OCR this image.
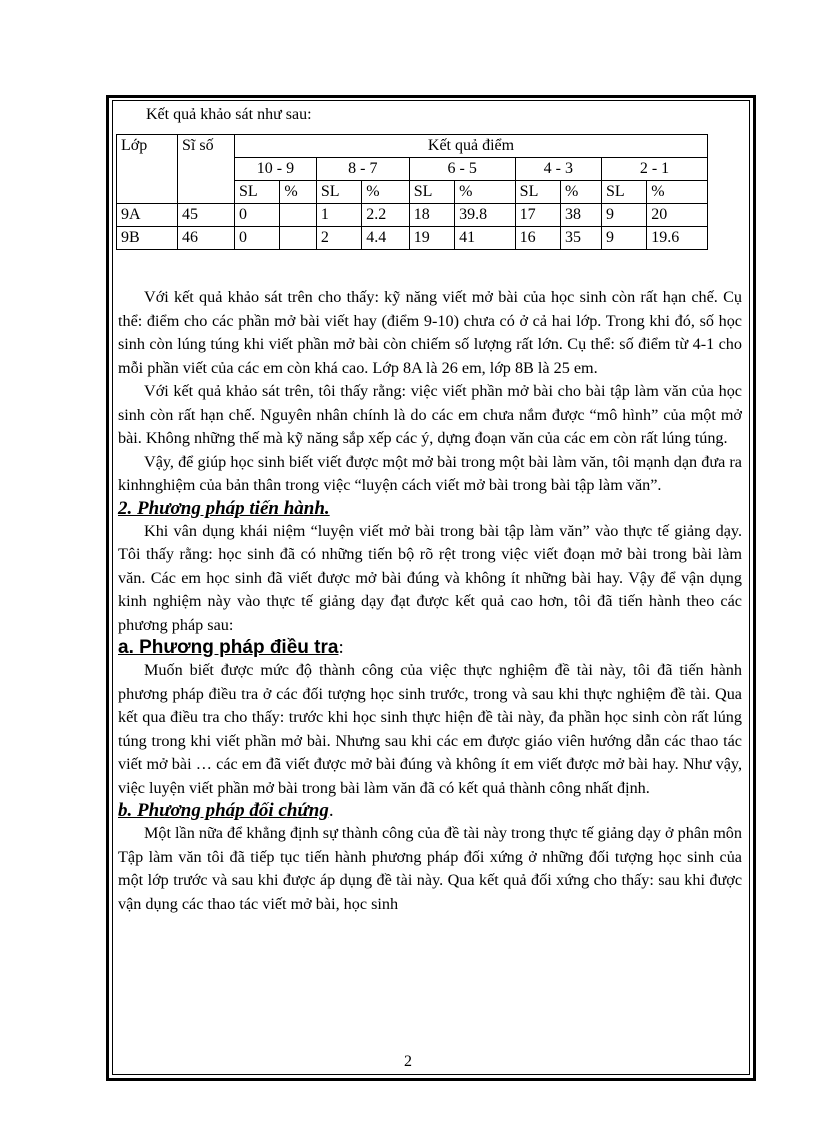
Kết quả khảo sát như sau:

Lớp	Sĩ số	Kết quả điểm									
		10 - 9		8 - 7		6 - 5		4 - 3		2 - 1	
		SL	%	SL	%	SL	%	SL	%	SL	%
9A	45	0		1	2.2	18	39.8	17	38	9	20
9B	46	0		2	4.4	19	41	16	35	9	19.6

Với kết quả khảo sát trên cho thấy: kỹ năng viết mở bài của học sinh còn rất hạn chế. Cụ thể: điểm cho các phần mở bài viết hay (điểm 9-10) chưa có ở cả hai lớp. Trong khi đó, số học sinh còn lúng túng khi viết phần mở bài còn chiếm số lượng rất lớn. Cụ thể: số điểm từ 4-1 cho mỗi phần viết của các em còn khá cao. Lớp 8A là 26 em, lớp 8B là 25 em.

Với kết quả khảo sát trên, tôi thấy rằng: việc viết phần mở bài cho bài tập làm văn của học sinh còn rất hạn chế. Nguyên nhân chính là do các em chưa nắm được “mô hình” của một mở bài. Không những thế mà kỹ năng sắp xếp các ý, dựng đoạn văn của các em còn rất lúng túng.

Vậy, để giúp học sinh biết viết được một mở bài trong một bài làm văn, tôi mạnh dạn đưa ra kinhnghiệm của bản thân trong việc “luyện cách viết mở bài trong bài tập làm văn”.

2. Phương pháp tiến hành.

Khi vân dụng khái niệm “luyện viết mở bài trong bài tập làm văn” vào thực tế giảng dạy. Tôi thấy rằng: học sinh đã có những tiến bộ rõ rệt trong việc viết đoạn mở bài trong bài làm văn. Các em học sinh đã viết được mở bài đúng và không ít những bài hay. Vậy để vận dụng kinh nghiệm này vào thực tế giảng dạy đạt được kết quả cao hơn, tôi đã tiến hành theo các phương pháp sau:

a. Phương pháp điều tra:

Muốn biết được mức độ thành công của việc thực nghiệm đề tài này, tôi đã tiến hành phương pháp điều tra ở các đối tượng học sinh trước, trong và sau khi thực nghiệm đề tài. Qua kết qua điều tra cho thấy: trước khi học sinh thực hiện đề tài này, đa phần học sinh còn rất lúng túng trong khi viết phần mở bài. Nhưng sau khi các em được giáo viên hướng dẫn các thao tác viết mở bài … các em đã viết được mở bài đúng và không ít em viết được mở bài hay. Như vậy, việc luyện viết phần mở bài trong bài làm văn đã có kết quả thành công nhất định.

b. Phương pháp đối chứng.

Một lần nữa để khẳng định sự thành công của đề tài này trong thực tế giảng dạy ở phân môn Tập làm văn tôi đã tiếp tục tiến hành phương pháp đối xứng ở những đối tượng học sinh của một lớp trước và sau khi được áp dụng đề tài này. Qua kết quả đối xứng cho thấy: sau khi được vận dụng các thao tác viết mở bài, học sinh

2
